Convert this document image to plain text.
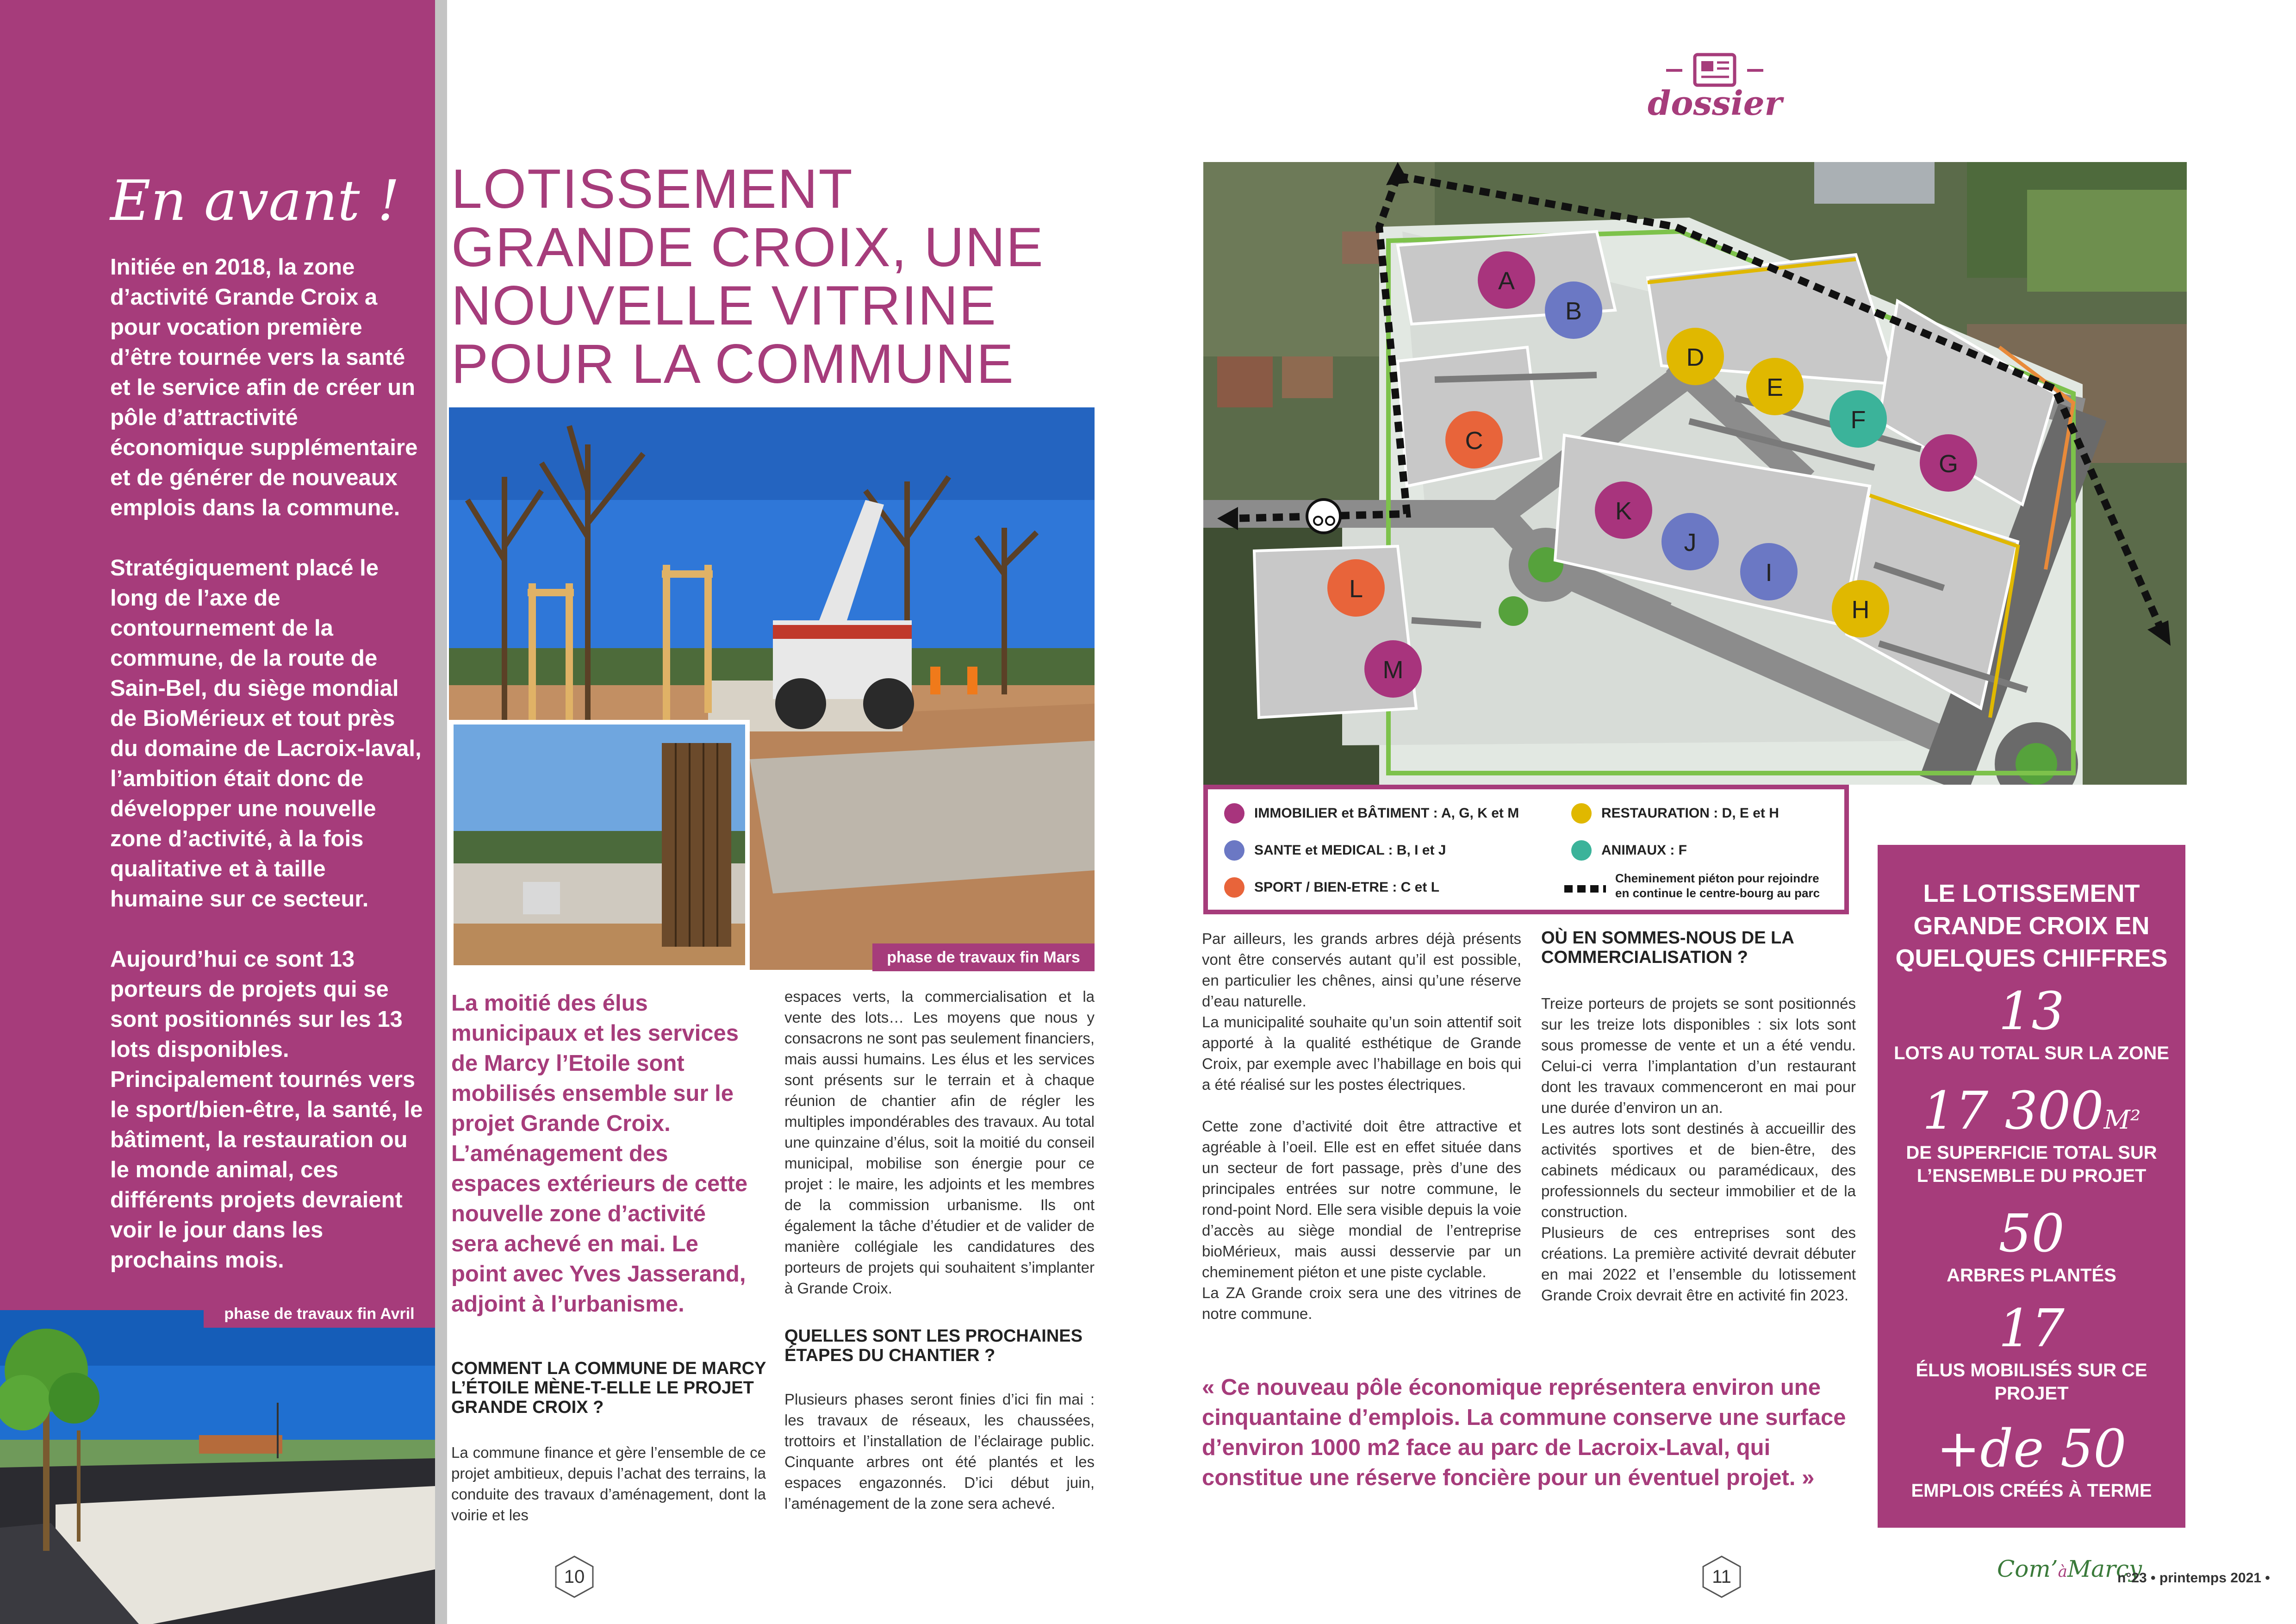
En avant !
Initiée en 2018, la zone d’activité Grande Croix a pour vocation première d’être tournée vers la santé et le service afin de créer un pôle d’attractivité économique supplémentaire et de générer de nouveaux emplois dans la commune.
Stratégiquement placé le long de l’axe de contournement de la commune, de la route de Sain-Bel, du siège mondial de BioMérieux et tout près du domaine de Lacroix-laval, l’ambition était donc de développer une nouvelle zone d’activité, à la fois qualitative et à taille humaine sur ce secteur.
Aujourd’hui ce sont 13 porteurs de projets qui se sont positionnés sur les 13 lots disponibles. Principalement tournés vers le sport/bien-être, la santé, le bâtiment, la restauration ou le monde animal, ces différents projets devraient voir le jour dans les prochains mois.
phase de travaux fin Avril
LOTISSEMENT GRANDE CROIX, UNE NOUVELLE VITRINE POUR LA COMMUNE
phase de travaux fin Mars
La moitié des élus municipaux et les services de Marcy l’Etoile sont mobilisés ensemble sur le projet Grande Croix. L’aménagement des espaces extérieurs de cette nouvelle zone d’activité sera achevé en mai. Le point avec Yves Jasserand, adjoint à l’urbanisme.
COMMENT LA COMMUNE DE MARCY L’ÉTOILE MÈNE-T-ELLE LE PROJET GRANDE CROIX ?
La commune finance et gère l’ensemble de ce projet ambitieux, depuis l’achat des terrains, la conduite des travaux d’aménagement, dont la voirie et les
espaces verts, la commercialisation et la vente des lots… Les moyens que nous y consacrons ne sont pas seulement financiers, mais aussi humains. Les élus et les services sont présents sur le terrain et à chaque réunion de chantier afin de régler les multiples impondérables des travaux. Au total une quinzaine d’élus, soit la moitié du conseil municipal, mobilise son énergie pour ce projet : le maire, les adjoints et les membres de la commission urbanisme. Ils ont également la tâche d’étudier et de valider de manière collégiale les candidatures des porteurs de projets qui souhaitent s’implanter à Grande Croix.
QUELLES SONT LES PROCHAINES ÉTAPES DU CHANTIER ?
Plusieurs phases seront finies d’ici fin mai : les travaux de réseaux, les chaussées, trottoirs et l’installation de l’éclairage public. Cinquante arbres ont été plantés et les espaces engazonnés. D’ici début juin, l’aménagement de la zone sera achevé.
10
dossier
A
B
C
D
E
F
G
H
I
J
K
L
M
IMMOBILIER et BÂTIMENT : A, G, K et M	RESTAURATION : D, E et H
SANTE et MEDICAL : B, I et J	ANIMAUX : F
SPORT / BIEN-ETRE : C et L
Cheminement piéton pour rejoindre
en continue le centre-bourg au parc

Par ailleurs, les grands arbres déjà présents vont être conservés autant qu’il est possible, en particulier les chênes, ainsi qu’une réserve d’eau naturelle.

La municipalité souhaite qu’un soin attentif soit apporté à la qualité esthétique de Grande Croix, par exemple avec l’habillage en bois qui a été réalisé sur les postes électriques.

Cette zone d’activité doit être attractive et agréable à l’oeil. Elle est en effet située dans un secteur de fort passage, près d’une des principales entrées sur notre commune, le rond-point Nord. Elle sera visible depuis la voie d’accès au siège mondial de l’entreprise bioMérieux, mais aussi desservie par un cheminement piéton et une piste cyclable.

La ZA Grande croix sera une des vitrines de notre commune.

OÙ EN SOMMES-NOUS DE LA COMMERCIALISATION ?

Treize porteurs de projets se sont positionnés sur les treize lots disponibles : six lots sont sous promesse de vente et un a été vendu. Celui-ci verra l’implantation d’un restaurant dont les travaux commenceront en mai pour une durée d’environ un an.

Les autres lots sont destinés à accueillir des activités sportives et de bien-être, des cabinets médicaux ou paramédicaux, des professionnels du secteur immobilier et de la construction.

Plusieurs de ces entreprises sont des créations. La première activité devrait débuter en mai 2022 et l’ensemble du lotissement Grande Croix devrait être en activité fin 2023.

« Ce nouveau pôle économique représentera environ une cinquantaine d’emplois. La commune conserve une surface d’environ 1000 m2 face au parc de Lacroix-Laval, qui constitue une réserve foncière pour un éventuel projet. »
LE LOTISSEMENT GRANDE CROIX EN QUELQUES CHIFFRES
13
LOTS AU TOTAL SUR LA ZONE
17 300M²
DE SUPERFICIE TOTAL SUR L’ENSEMBLE DU PROJET
50
ARBRES PLANTÉS
17
ÉLUS MOBILISÉS SUR CE PROJET
+de 50
EMPLOIS CRÉÉS À TERME
11	Com’àMarcy
n°23 • printemps 2021 •
